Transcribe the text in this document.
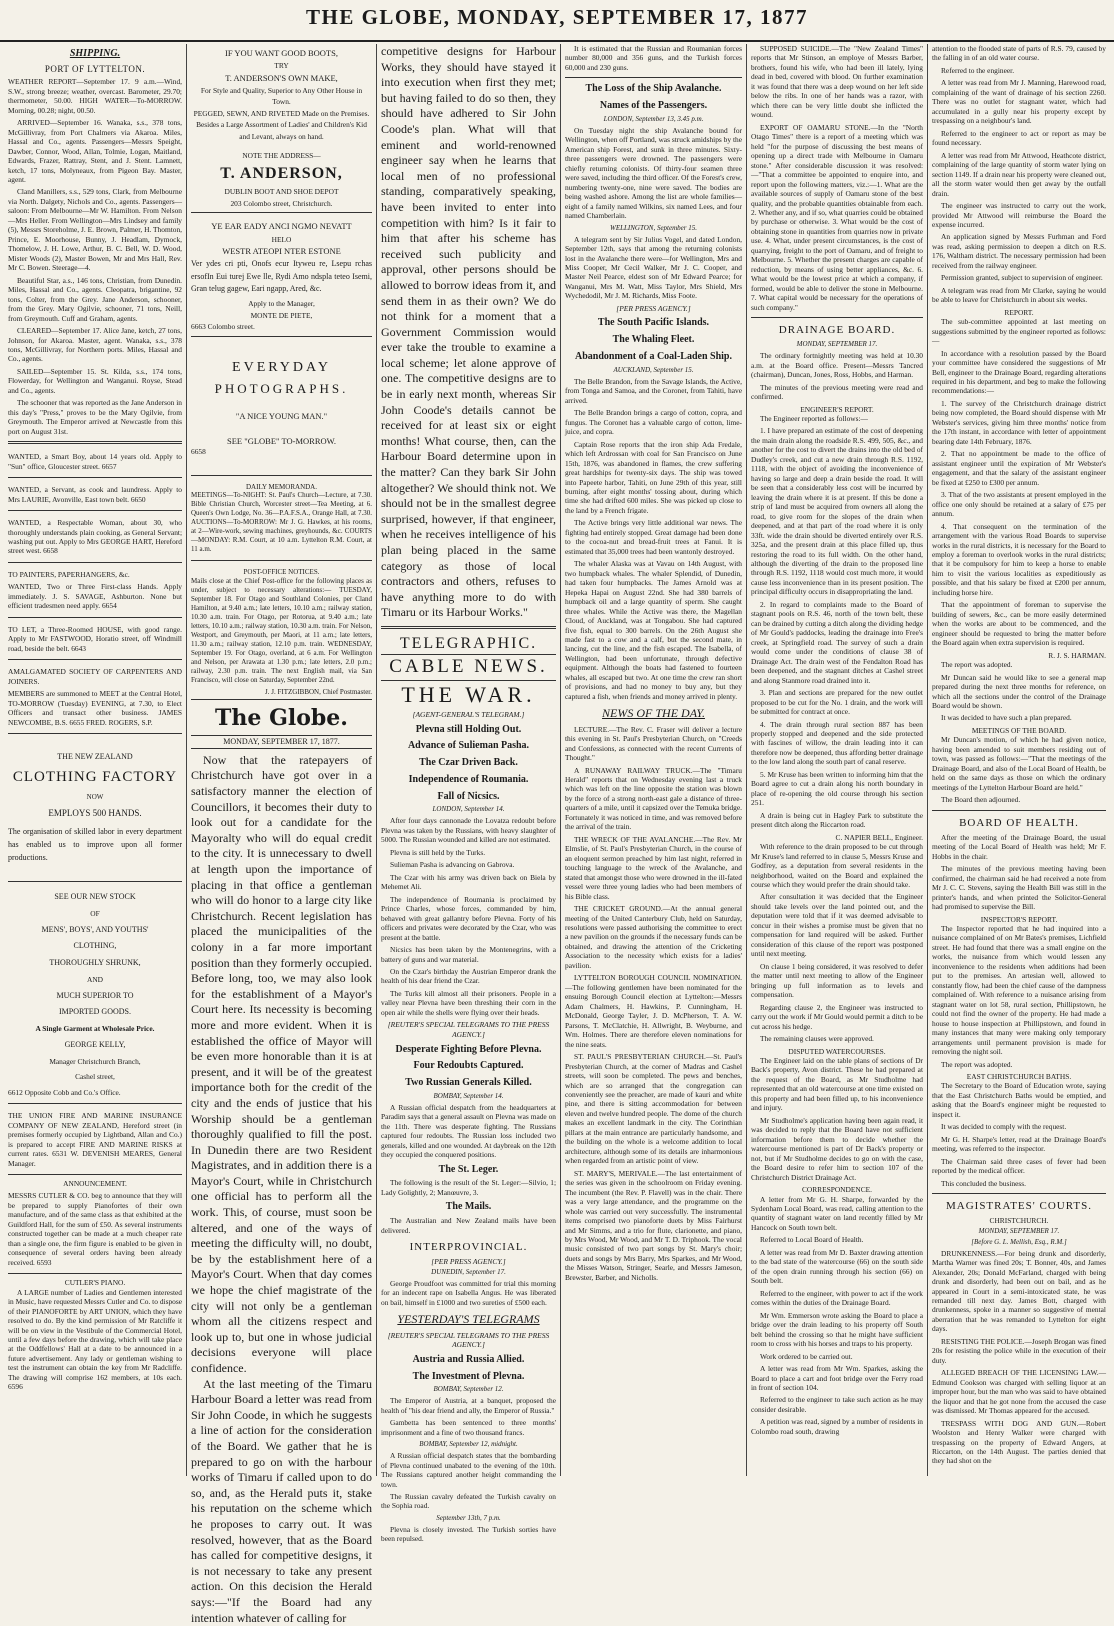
THE GLOBE, MONDAY, SEPTEMBER 17, 1877
SHIPPING.
PORT OF LYTTELTON.

WEATHER REPORT—September 17. 9 a.m.—Wind, S.W., strong breeze; weather, overcast. Barometer, 29.70; thermometer, 50.00. HIGH WATER—To-MORROW. Morning, 00.28; night, 00.50.

ARRIVED—September 16. Wanaka, s.s., 378 tons, McGillivray, from Port Chalmers via Akaroa. Miles, Hassal and Co., agents. Passengers—Messrs Speight, Dawber, Connor, Wood, Allan, Tolmie, Logan, Maitland, Edwards, Frazer, Rattray, Stent, and J. Stent. Lamnett, ketch, 17 tons, Molyneaux, from Pigeon Bay. Master, agent.

Cland Manillers, s.s., 529 tons, Clark, from Melbourne via North. Dalgety, Nichols and Co., agents. Passengers—saloon: From Melbourne—Mr W. Hamilton. From Nelson—Mrs Heller. From Wellington—Mrs Lindsey and family (5), Messrs Storeholme, J. E. Brown, Palmer, H. Thomton, Prince, E. Moorhouse, Bunny, J. Headlam, Dymock, Thomelow, J. H. Lowe, Arthur, B. C. Bell, W. D. Wood, Mister Woods (2), Master Bowen, Mr and Mrs Hall, Rev. Mr C. Bowen. Steerage—4.

Beautiful Star, a.s., 146 tons, Christian, from Dunedin. Miles, Hassal and Co., agents. Cleopatra, brigantine, 92 tons, Colter, from the Grey. Jane Anderson, schooner, from the Grey. Mary Ogilvie, schooner, 71 tons, Neill, from Greymouth. Cuff and Graham, agents.

CLEARED—September 17. Alice Jane, ketch, 27 tons, Johnson, for Akaroa. Master, agent. Wanaka, s.s., 378 tons, McGillivray, for Northern ports. Miles, Hassal and Co., agents.

SAILED—September 15. St. Kilda, s.s., 174 tons, Flowerday, for Wellington and Wanganui. Royse, Stead and Co., agents.

The schooner that was reported as the Jane Anderson in this day's "Press," proves to be the Mary Ogilvie, from Greymouth. The Emperor arrived at Newcastle from this port on August 31st.

WANTED, a Smart Boy, about 14 years old. Apply to "Sun" office, Gloucester street. 6657

WANTED, a Servant, as cook and laundress. Apply to Mrs LAURIE, Avonville, East town belt. 6650

WANTED, a Respectable Woman, about 30, who thoroughly understands plain cooking, as General Servant; washing put out. Apply to Mrs GEORGE HART, Hereford street west. 6658

TO PAINTERS, PAPERHANGERS, &c.

WANTED, Two or Three First-class Hands. Apply immediately. J. S. SAVAGE, Ashburton. None but efficient tradesmen need apply. 6654

TO LET, a Three-Roomed HOUSE, with good range. Apply to Mr FASTWOOD, Horatio street, off Windmill road, beside the belt. 6643

AMALGAMATED SOCIETY OF CARPENTERS AND JOINERS.

MEMBERS are summoned to MEET at the Central Hotel, TO-MORROW (Tuesday) EVENING, at 7.30, to Elect Officers and transact other business. JAMES NEWCOMBE, B.S. 6655 FRED. ROGERS, S.P.

THE NEW ZEALAND
CLOTHING FACTORY
NOW
EMPLOYS 500 HANDS.

The organisation of skilled labor in every department has enabled us to improve upon all former productions.

SEE OUR NEW STOCK
OF
MENS', BOYS', AND YOUTHS'
CLOTHING,
THOROUGHLY SHRUNK,
AND
MUCH SUPERIOR TO
IMPORTED GOODS.
A Single Garment at Wholesale Price.
GEORGE KELLY,
Manager Christchurch Branch,
Cashel street,
6612 Opposite Cobb and Co.'s Office.

THE UNION FIRE AND MARINE INSURANCE COMPANY OF NEW ZEALAND, Hereford street (in premises formerly occupied by Lightband, Allan and Co.) is prepared to accept FIRE AND MARINE RISKS at current rates. 6531 W. DEVENISH MEARES, General Manager.

ANNOUNCEMENT.

MESSRS CUTLER & CO. beg to announce that they will be prepared to supply Pianofortes of their own manufacture, and of the same class as that exhibited at the Guildford Hall, for the sum of £50. As several instruments constructed together can be made at a much cheaper rate than a single one, the firm figure is enabled to be given in consequence of several orders having been already received. 6593

CUTLER'S PIANO.

A LARGE number of Ladies and Gentlemen interested in Music, have requested Messrs Cutler and Co. to dispose of their PIANOFORTE by ART UNION, which they have resolved to do. By the kind permission of Mr Ratcliffe it will be on view in the Vestibule of the Commercial Hotel, until a few days before the drawing, which will take place at the Oddfellows' Hall at a date to be announced in a future advertisement. Any lady or gentleman wishing to test the instrument can obtain the key from Mr Radcliffe. The drawing will comprise 162 members, at 10s each. 6596

IF YOU WANT GOOD BOOTS,
TRY
T. ANDERSON'S OWN MAKE,
For Style and Quality, Superior to Any Other House in Town.
PEGGED, SEWN, AND RIVETED Made on the Premises.
Besides a Large Assortment of Ladies' and Children's Kid and Levant, always on hand.
NOTE THE ADDRESS—
T. ANDERSON,
DUBLIN BOOT AND SHOE DEPOT
203 Colombo street, Christchurch.
YE EAR EADY ANCI NGMO NEVATT
HELO
WESTR ATEOPI NTER ESTONE

Ver ydes cri pti, Onofs ecur Ityweu re, Lsepu rchas ersofIn Eui turej Ewe lle, Rydi Amo ndsplа teteo Isemi, Gran telug gagew, Eari ngapp, Ared, &c.

Apply to the Manager,
MONTE DE PIETE,
6663 Colombo street.
EVERYDAY
PHOTOGRAPHS.
"A NICE YOUNG MAN."
SEE "GLOBE" TO-MORROW.
6658
DAILY MEMORANDA.

MEETINGS—To-NIGHT: St. Paul's Church—Lecture, at 7.30. Bible Christian Church, Worcester street—Tea Meeting, at 6. Queen's Own Lodge, No. 36—P.A.F.S.A., Orange Hall, at 7.30. AUCTIONS—To-MORROW: Mr J. G. Hawkes, at his rooms, at 2—Wire-work, sewing machines, greyhounds, &c. COURTS—MONDAY: R.M. Court, at 10 a.m. Lyttelton R.M. Court, at 11 a.m.

POST-OFFICE NOTICES.

Mails close at the Chief Post-office for the following places as under, subject to necessary alterations:— TUESDAY, September 18. For Otago and Southland Colonies, per Cland Hamilton, at 9.40 a.m.; late letters, 10.10 a.m.; railway station, 10.30 a.m. train. For Otago, per Rotorua, at 9.40 a.m.; late letters, 10.10 a.m.; railway station, 10.30 a.m. train. For Nelson, Westport, and Greymouth, per Maori, at 11 a.m.; late letters, 11.30 a.m.; railway station, 12.10 p.m. train. WEDNESDAY, September 19. For Otago, overland, at 6 a.m. For Wellington and Nelson, per Arawata at 1.30 p.m.; late letters, 2.0 p.m.; railway, 2.30 p.m. train. The next English mail, via San Francisco, will close on Saturday, September 22nd.

J. J. FITZGIBBON, Chief Postmaster.
The Globe.
MONDAY, SEPTEMBER 17, 1877.

Now that the ratepayers of Christchurch have got over in a satisfactory manner the election of Councillors, it becomes their duty to look out for a candidate for the Mayoralty who will do equal credit to the city. It is unnecessary to dwell at length upon the importance of placing in that office a gentleman who will do honor to a large city like Christchurch. Recent legislation has placed the municipalities of the colony in a far more important position than they formerly occupied. Before long, too, we may also look for the establishment of a Mayor's Court here. Its necessity is becoming more and more evident. When it is established the office of Mayor will be even more honorable than it is at present, and it will be of the greatest importance both for the credit of the city and the ends of justice that his Worship should be a gentleman thoroughly qualified to fill the post. In Dunedin there are two Resident Magistrates, and in addition there is a Mayor's Court, while in Christchurch one official has to perform all the work. This, of course, must soon be altered, and one of the ways of meeting the difficulty will, no doubt, be by the establishment here of a Mayor's Court. When that day comes we hope the chief magistrate of the city will not only be a gentleman whom all the citizens respect and look up to, but one in whose judicial decisions everyone will place confidence.

At the last meeting of the Timaru Harbour Board a letter was read from Sir John Coode, in which he suggests a line of action for the consideration of the Board. We gather that he is prepared to go on with the harbour works of Timaru if called upon to do so, and, as the Herald puts it, stake his reputation on the scheme which he proposes to carry out. It was resolved, however, that as the Board has called for competitive designs, it is not necessary to take any present action. On this decision the Herald says:—"If the Board had any intention whatever of calling for

competitive designs for Harbour Works, they should have stayed it into execution when first they met; but having failed to do so then, they should have adhered to Sir John Coode's plan. What will that eminent and world-renowned engineer say when he learns that local men of no professional standing, comparatively speaking, have been invited to enter into competition with him? Is it fair to him that after his scheme has received such publicity and approval, other persons should be allowed to borrow ideas from it, and send them in as their own? We do not think for a moment that a Government Commission would ever take the trouble to examine a local scheme; let alone approve of one. The competitive designs are to be in early next month, whereas Sir John Coode's details cannot be received for at least six or eight months! What course, then, can the Harbour Board determine upon in the matter? Can they bark Sir John altogether? We should think not. We should not be in the smallest degree surprised, however, if that engineer, when he receives intelligence of his plan being placed in the same category as those of local contractors and others, refuses to have anything more to do with Timaru or its Harbour Works."

TELEGRAPHIC.
CABLE NEWS.
THE WAR.
[AGENT-GENERAL'S TELEGRAM.]
Plevna still Holding Out.
Advance of Sulieman Pasha.
The Czar Driven Back.
Independence of Roumania.
Fall of Nicsics.
LONDON, September 14.

After four days cannonade the Lovatza redoubt before Plevna was taken by the Russians, with heavy slaughter of 5000. The Russian wounded and killed are not estimated.

Plevna is still held by the Turks.

Sulieman Pasha is advancing on Gabrova.

The Czar with his army was driven back on Biela by Mehemet Ali.

The independence of Roumania is proclaimed by Prince Charles, whose forces, commanded by him, behaved with great gallantry before Plevna. Forty of his officers and privates were decorated by the Czar, who was present at the battle.

Nicsics has been taken by the Montenegrins, with a battery of guns and war material.

On the Czar's birthday the Austrian Emperor drank the health of his dear friend the Czar.

The Turks kill almost all their prisoners. People in a valley near Plevna have been threshing their corn in the open air while the shells were flying over their heads.

[REUTER'S SPECIAL TELEGRAMS TO THE PRESS AGENCY.]
Desperate Fighting Before Plevna.
Four Redoubts Captured.
Two Russian Generals Killed.
BOMBAY, September 14.

A Russian official despatch from the headquarters at Paradim says that a general assault on Plevna was made on the 11th. There was desperate fighting. The Russians captured four redoubts. The Russian loss included two generals, killed and one wounded. At daybreak on the 12th they occupied the conquered positions.

The St. Leger.

The following is the result of the St. Leger:—Silvio, 1; Lady Golightly, 2; Manœuvre, 3.

The Mails.

The Australian and New Zealand mails have been delivered.

INTERPROVINCIAL.
[PER PRESS AGENCY.]
DUNEDIN, September 17.

George Proudfoot was committed for trial this morning for an indecent rape on Isabella Angus. He was liberated on bail, himself in £1000 and two sureties of £500 each.

YESTERDAY'S TELEGRAMS
[REUTER'S SPECIAL TELEGRAMS TO THE PRESS AGENCY.]
Austria and Russia Allied.
The Investment of Plevna.
BOMBAY, September 12.

The Emperor of Austria, at a banquet, proposed the health of "his dear friend and ally, the Emperor of Russia."

Gambetta has been sentenced to three months' imprisonment and a fine of two thousand francs.

BOMBAY, September 12, midnight.

A Russian official despatch states that the bombarding of Plevna continued unabated to the evening of the 10th. The Russians captured another height commanding the town.

The Russian cavalry defeated the Turkish cavalry on the Sophia road.

September 13th, 7 p.m.

Plevna is closely invested. The Turkish sorties have been repulsed.

It is estimated that the Russian and Roumanian forces number 80,000 and 356 guns, and the Turkish forces 60,000 and 230 guns.

The Loss of the Ship Avalanche.
Names of the Passengers.
LONDON, September 13, 3.45 p.m.

On Tuesday night the ship Avalanche bound for Wellington, when off Portland, was struck amidships by the American ship Forest, and sunk in three minutes. Sixty-three passengers were drowned. The passengers were chiefly returning colonists. Of thirty-four seamen three were saved, including the third officer. Of the Forest's crew, numbering twenty-one, nine were saved. The bodies are being washed ashore. Among the list are whole families—eight of a family named Wilkins, six named Lees, and four named Chamberlain.

WELLINGTON, September 15.

A telegram sent by Sir Julius Vogel, and dated London, September 12th, says that among the returning colonists lost in the Avalanche there were—for Wellington, Mrs and Miss Cooper, Mr Cecil Walker, Mr J. C. Cooper, and Master Neil Pearce, eldest son of Mr Edward Pearce; for Wanganui, Mrs M. Watt, Miss Taylor, Mrs Shield, Mrs Wychedodil, Mr J. M. Richards, Miss Foote.

[PER PRESS AGENCY.]
The South Pacific Islands.
The Whaling Fleet.
Abandonment of a Coal-Laden Ship.
AUCKLAND, September 15.

The Belle Brandon, from the Savage Islands, the Active, from Tonga and Samoa, and the Coronet, from Tahiti, have arrived.

The Belle Brandon brings a cargo of cotton, copra, and fungus. The Coronet has a valuable cargo of cotton, lime-juice, and copra.

Captain Rose reports that the iron ship Ada Fredale, which left Ardrossan with coal for San Francisco on June 15th, 1876, was abandoned in flames, the crew suffering great hardships for twenty-six days. The ship was towed into Papeete harbor, Tahiti, on June 29th of this year, still burning, after eight months' tossing about, during which time she had drifted 600 miles. She was picked up close to the land by a French frigate.

The Active brings very little additional war news. The fighting had entirely stopped. Great damage had been done to the cocoa-nut and bread-fruit trees at Fanui. It is estimated that 35,000 trees had been wantonly destroyed.

The whaler Alaska was at Vavau on 14th August, with two humpback whales. The whaler Splendid, of Dunedin, had taken four humpbacks. The James Arnold was at Hepeka Hapai on August 22nd. She had 380 barrels of humpback oil and a large quantity of sperm. She caught three whales. While the Active was there, the Magellan Cloud, of Auckland, was at Tongabou. She had captured five fish, equal to 300 barrels. On the 26th August she made fast to a cow and a calf, but the second mate, in lancing, cut the line, and the fish escaped. The Isabella, of Wellington, had been unfortunate, through defective equipment. Although the boats had fastened to fourteen whales, all escaped but two. At one time the crew ran short of provisions, and had no money to buy any, but they captured a fish, when friends and money arrived in plenty.

NEWS OF THE DAY.

LECTURE.—The Rev. C. Fraser will deliver a lecture this evening in St. Paul's Presbyterian Church, on "Creeds and Confessions, as connected with the recent Currents of Thought."

A RUNAWAY RAILWAY TRUCK.—The "Timaru Herald" reports that on Wednesday evening last a truck which was left on the line opposite the station was blown by the force of a strong north-east gale a distance of three-quarters of a mile, until it capsized over the Temuka bridge. Fortunately it was noticed in time, and was removed before the arrival of the train.

THE WRECK OF THE AVALANCHE.—The Rev. Mr Elmslie, of St. Paul's Presbyterian Church, in the course of an eloquent sermon preached by him last night, referred in touching language to the wreck of the Avalanche, and stated that amongst those who were drowned in the ill-fated vessel were three young ladies who had been members of his Bible class.

THE CRICKET GROUND.—At the annual general meeting of the United Canterbury Club, held on Saturday, resolutions were passed authorising the committee to erect a new pavilion on the grounds if the necessary funds can be obtained, and drawing the attention of the Cricketing Association to the necessity which exists for a ladies' pavilion.

LYTTELTON BOROUGH COUNCIL NOMINATION.—The following gentlemen have been nominated for the ensuing Borough Council election at Lyttelton:—Messrs Adam Chalmers, H. Hawkins, P. Cunningham, H. McDonald, George Tayler, J. D. McPherson, T. A. W. Parsons, T. McClatchie, H. Allwright, B. Weyburne, and Wm. Holmes. There are therefore eleven nominations for the nine seats.

ST. PAUL'S PRESBYTERIAN CHURCH.—St. Paul's Presbyterian Church, at the corner of Madras and Cashel streets, will soon be completed. The pews and benches, which are so arranged that the congregation can conveniently see the preacher, are made of kauri and white pine, and there is sitting accommodation for between eleven and twelve hundred people. The dome of the church makes an excellent landmark in the city. The Corinthian pillars at the main entrance are particularly handsome, and the building on the whole is a welcome addition to local architecture, although some of its details are inharmonious when regarded from an artistic point of view.

ST. MARY'S, MERIVALE.—The last entertainment of the series was given in the schoolroom on Friday evening. The incumbent (the Rev. P. Flavell) was in the chair. There was a very large attendance, and the programme on the whole was carried out very successfully. The instrumental items comprised two pianoforte duets by Miss Fairhurst and Mr Simms, and a trio for flute, clarionette, and piano, by Mrs Wood, Mr Wood, and Mr T. D. Triphook. The vocal music consisted of two part songs by St. Mary's choir; duets and songs by Mrs Barry, Mrs Sparkes, and Mr Wood, the Misses Watson, Stringer, Searle, and Messrs Jameson, Brewster, Barber, and Nicholls.

SUPPOSED SUICIDE.—The "New Zealand Times" reports that Mr Stinson, an employe of Messrs Barber, brothers, found his wife, who had been ill lately, lying dead in bed, covered with blood. On further examination it was found that there was a deep wound on her left side below the ribs. In one of her hands was a razor, with which there can be very little doubt she inflicted the wound.

EXPORT OF OAMARU STONE.—In the "North Otago Times" there is a report of a meeting which was held "for the purpose of discussing the best means of opening up a direct trade with Melbourne in Oamaru stone." After considerable discussion it was resolved:—"That a committee be appointed to enquire into, and report upon the following matters, viz.:—1. What are the available sources of supply of Oamaru stone of the best quality, and the probable quantities obtainable from each. 2. Whether any, and if so, what quarries could be obtained by purchase or otherwise. 3. What would be the cost of obtaining stone in quantities from quarries now in private use. 4. What, under present circumstances, is the cost of quarrying, freight to the port of Oamaru, and of freight to Melbourne. 5. Whether the present charges are capable of reduction, by means of using better appliances, &c. 6. What would be the lowest price at which a company, if formed, would be able to deliver the stone in Melbourne. 7. What capital would be necessary for the operations of such company."

DRAINAGE BOARD.
MONDAY, SEPTEMBER 17.

The ordinary fortnightly meeting was held at 10.30 a.m. at the Board office. Present—Messrs Tancred (chairman), Duncan, Jones, Ross, Hobbs, and Harman.

The minutes of the previous meeting were read and confirmed.

ENGINEER'S REPORT.

The Engineer reported as follows:—

1. I have prepared an estimate of the cost of deepening the main drain along the roadside R.S. 499, 505, &c., and another for the cost to divert the drains into the old bed of Dudley's creek, and cut a new drain through R.S. 1192, 1118, with the object of avoiding the inconvenience of having so large and deep a drain beside the road. It will be seen that a considerably less cost will be incurred by leaving the drain where it is at present. If this be done a strip of land must be acquired from owners all along the road, to give room for the slopes of the drain when deepened, and at that part of the road where it is only 33ft. wide the drain should be diverted entirely over R.S. 325a, and the present drain at this place filled up, thus restoring the road to its full width. On the other hand, although the diverting of the drain to the proposed line through R.S. 1192, 1118 would cost much more, it would cause less inconvenience than in its present position. The principal difficulty occurs in disappropriating the land.

2. In regard to complaints made to the Board of stagnant pools on R.S. 46, north of the town belt, these can be drained by cutting a ditch along the dividing hedge of Mr Gould's paddocks, leading the drainage into Free's creek, at Springfield road. The survey of such a drain would come under the conditions of clause 38 of Drainage Act. The drain west of the Fendalton Road has been deepened, and the stagnant ditches at Cashel street and along Stanmore road drained into it.

3. Plan and sections are prepared for the new outlet proposed to be cut for the No. 1 drain, and the work will be submitted for contract at once.

4. The drain through rural section 887 has been properly stopped and deepened and the side protected with fascines of willow, the drain leading into it can therefore now be deepened, thus affording better drainage to the low land along the south part of canal reserve.

5. Mr Kruse has been written to informing him that the Board agree to cut a drain along his north boundary in place of re-opening the old course through his section 251.

A drain is being cut in Hagley Park to substitute the present ditch along the Riccarton road.

C. NAPIER BELL, Engineer.

With reference to the drain proposed to be cut through Mr Kruse's land referred to in clause 5, Messrs Kruse and Godfrey, as a deputation from several residents in the neighborhood, waited on the Board and explained the course which they would prefer the drain should take.

After consultation it was decided that the Engineer should take levels over the land pointed out, and the deputation were told that if it was deemed advisable to concur in their wishes a promise must be given that no compensation for land required will be asked. Further consideration of this clause of the report was postponed until next meeting.

On clause 1 being considered, it was resolved to defer the matter until next meeting to allow of the Engineer bringing up full information as to levels and compensation.

Regarding clause 2, the Engineer was instructed to carry out the work if Mr Gould would permit a ditch to be cut across his hedge.

The remaining clauses were approved.

DISPUTED WATERCOURSES.

The Engineer laid on the table plans of sections of Dr Back's property, Avon district. These he had prepared at the request of the Board, as Mr Studholme had represented that an old watercourse at one time existed on this property and had been filled up, to his inconvenience and injury.

Mr Studholme's application having been again read, it was decided to reply that the Board have not sufficient information before them to decide whether the watercourse mentioned is part of Dr Back's property or not, but if Mr Studholme decides to go on with the case, the Board desire to refer him to section 107 of the Christchurch District Drainage Act.

CORRESPONDENCE.

A letter from Mr G. H. Sharpe, forwarded by the Sydenham Local Board, was read, calling attention to the quantity of stagnant water on land recently filled by Mr Hancock on South town belt.

Referred to Local Board of Health.

A letter was read from Mr D. Baxter drawing attention to the bad state of the watercourse (66) on the south side of the open drain running through his section (66) on South belt.

Referred to the engineer, with power to act if the work comes within the duties of the Drainage Board.

Mr Wm. Emmerson wrote asking the Board to place a bridge over the drain leading to his property off South belt behind the crossing so that he might have sufficient room to cross with his horses and traps to his property.

Work ordered to be carried out.

A letter was read from Mr Wm. Sparkes, asking the Board to place a cart and foot bridge over the Ferry road in front of section 104.

Referred to the engineer to take such action as he may consider desirable.

A petition was read, signed by a number of residents in Colombo road south, drawing

attention to the flooded state of parts of R.S. 79, caused by the falling in of an old water course.

Referred to the engineer.

A letter was read from Mr J. Manning, Harewood road, complaining of the want of drainage of his section 2260. There was no outlet for stagnant water, which had accumulated in a gully near his property except by trespassing on a neighbour's land.

Referred to the engineer to act or report as may be found necessary.

A letter was read from Mr Attwood, Heathcote district, complaining of the large quantity of storm water lying on section 1149. If a drain near his property were cleaned out, all the storm water would then get away by the outfall drain.

The engineer was instructed to carry out the work, provided Mr Attwood will reimburse the Board the expense incurred.

An application signed by Messrs Furhman and Ford was read, asking permission to deepen a ditch on R.S. 176, Waltham district. The necessary permission had been received from the railway engineer.

Permission granted, subject to supervision of engineer.

A telegram was read from Mr Clarke, saying he would be able to leave for Christchurch in about six weeks.

REPORT.

The sub-committee appointed at last meeting on suggestions submitted by the engineer reported as follows:—

In accordance with a resolution passed by the Board your committee have considered the suggestions of Mr Bell, engineer to the Drainage Board, regarding alterations required in his department, and beg to make the following recommendations:—

1. The survey of the Christchurch drainage district being now completed, the Board should dispense with Mr Webster's services, giving him three months' notice from the 17th instant, in accordance with letter of appointment bearing date 14th February, 1876.

2. That no appointment be made to the office of assistant engineer until the expiration of Mr Webster's engagement, and that the salary of the assistant engineer be fixed at £250 to £300 per annum.

3. That of the two assistants at present employed in the office one only should be retained at a salary of £75 per annum.

4. That consequent on the termination of the arrangement with the various Road Boards to supervise works in the rural districts, it is necessary for the Board to employ a foreman to overlook works in the rural districts; that it be compulsory for him to keep a horse to enable him to visit the various localities as expeditiously as possible, and that his salary be fixed at £200 per annum, including horse hire.

That the appointment of foreman to supervise the building of sewers, &c., can be more easily determined when the works are about to be commenced, and the engineer should be requested to bring the matter before the Board again when extra supervision is required.

R. J. S. HARMAN.

The report was adopted.

Mr Duncan said he would like to see a general map prepared during the next three months for reference, on which all the sections under the control of the Drainage Board would be shown.

It was decided to have such a plan prepared.

MEETINGS OF THE BOARD.

Mr Duncan's motion, of which he had given notice, having been amended to suit members residing out of town, was passed as follows:—"That the meetings of the Drainage Board, and also of the Local Board of Health, be held on the same days as those on which the ordinary meetings of the Lyttelton Harbour Board are held."

The Board then adjourned.

BOARD OF HEALTH.

After the meeting of the Drainage Board, the usual meeting of the Local Board of Health was held; Mr F. Hobbs in the chair.

The minutes of the previous meeting having been confirmed, the chairman said he had received a note from Mr J. C. C. Stevens, saying the Health Bill was still in the printer's hands, and when printed the Solicitor-General had promised to supervise the Bill.

INSPECTOR'S REPORT.

The Inspector reported that he had inquired into a nuisance complained of on Mr Bates's premises, Lichfield street. He had found that there was a small engine on the works, the nuisance from which would lessen any inconvenience to the residents when additions had been put to the premises. An artesian well, allowed to constantly flow, had been the chief cause of the dampness complained of. With reference to a nuisance arising from stagnant water on lot 58, rural section, Phillipstown, he could not find the owner of the property. He had made a house to house inspection at Phillipstown, and found in many instances that many were making only temporary arrangements until permanent provision is made for removing the night soil.

The report was adopted.

EAST CHRISTCHURCH BATHS.

The Secretary to the Board of Education wrote, saying that the East Christchurch Baths would be emptied, and asking that the Board's engineer might be requested to inspect it.

It was decided to comply with the request.

Mr G. H. Sharpe's letter, read at the Drainage Board's meeting, was referred to the inspector.

The Chairman said three cases of fever had been reported by the medical officer.

This concluded the business.

MAGISTRATES' COURTS.
CHRISTCHURCH.
MONDAY, SEPTEMBER 17.
[Before G. L. Mellish, Esq., R.M.]

DRUNKENNESS.—For being drunk and disorderly, Martha Warner was fined 20s; T. Bonner, 40s, and James Alexander, 20s; Donald McFarland, charged with being drunk and disorderly, had been out on bail, and as he appeared in Court in a semi-intoxicated state, he was remanded till next day. James Bott, charged with drunkenness, spoke in a manner so suggestive of mental aberration that he was remanded to Lyttelton for eight days.

RESISTING THE POLICE.—Joseph Brogan was fined 20s for resisting the police while in the execution of their duty.

ALLEGED BREACH OF THE LICENSING LAW.—Edmund Cookson was charged with selling liquor at an improper hour, but the man who was said to have obtained the liquor and that he got none from the accused the case was dismissed. Mr Thomas appeared for the accused.

TRESPASS WITH DOG AND GUN.—Robert Woolston and Henry Walker were charged with trespassing on the property of Edward Angers, at Riccarton, on the 14th August. The parties denied that they had shot on the
